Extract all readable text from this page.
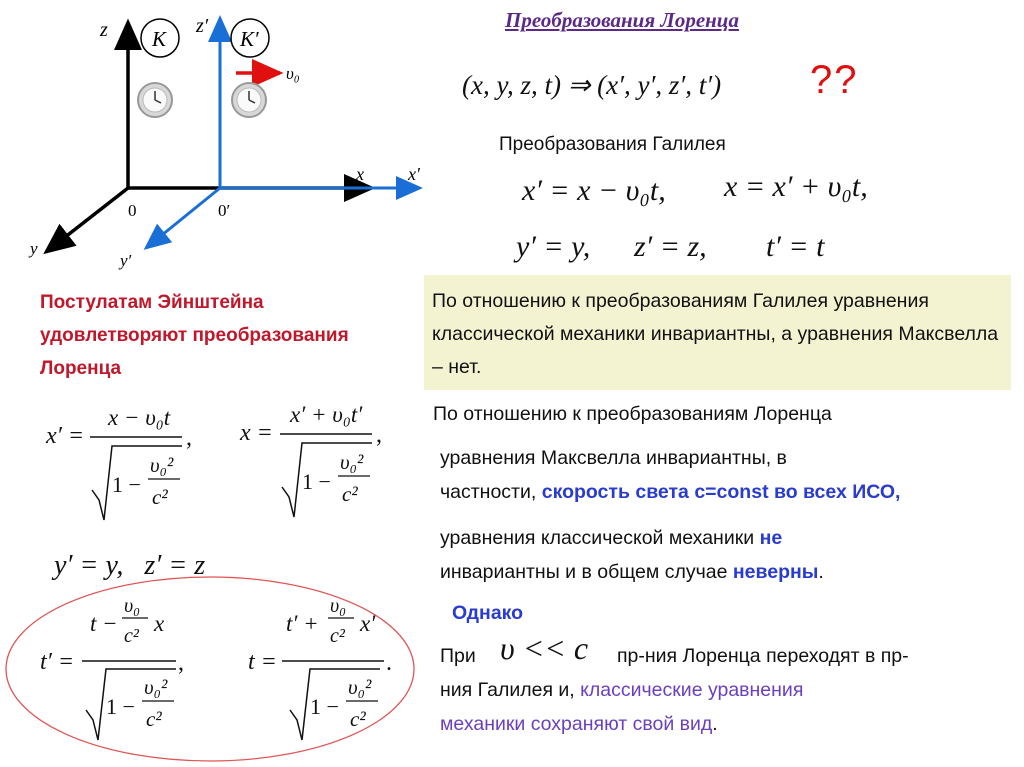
Преобразования Лоренца
K	K′
z	z′
x x′
y
y′
0	0′
υ₀	(x, y, z, t) ⇒ (x′, y′, z′, t′) ??
Преобразования Галилея
x′ = x − υ₀t, x = x′ + υ₀t,
y′ = y, z′ = z, t′ = t
По отношению к преобразованиям Галилея уравнения классической механики инвариантны, а уравнения Максвелла – нет.
По отношению к преобразованиям Лоренца
уравнения Максвелла инвариантны, в
частности, скорость света с=const во всех ИСО,
уравнения классической механики не
инвариантны и в общем случае неверны.
Однако
При υ << c пр-ния Лоренца переходят в пр-
ния Галилея и, классические уравнения
механики сохраняют свой вид.
Постулатам Эйнштейна удовлетворяют преобразования Лоренца
x′ =
x − υ₀t
1 −
υ₀²
c²
, x =
x′ + υ₀t′
1 −
υ₀²
c²
,
y′ = y,   z′ = z
t −
υ₀
c² x
t′ =
1 −
υ₀²
c²
,
t′ +
υ₀
c² x′
t =
1 −
υ₀²
c²
.
